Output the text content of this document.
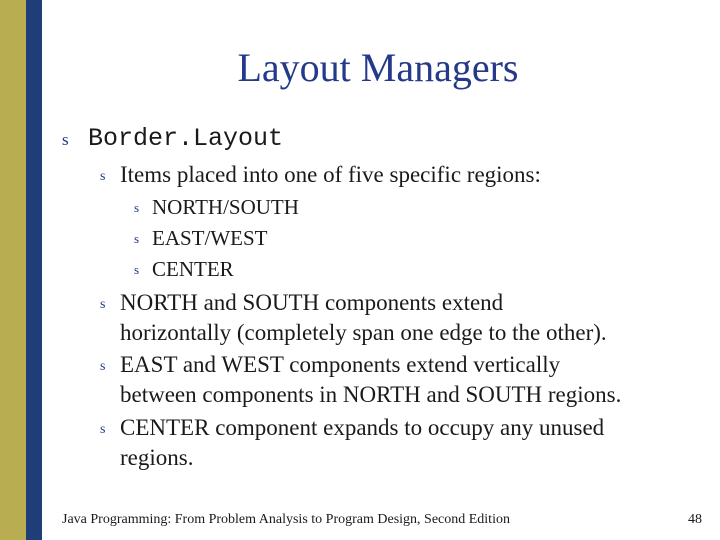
Layout Managers
s Border.Layout
s Items placed into one of five specific regions:
s NORTH/SOUTH
s EAST/WEST
s CENTER
s NORTH and SOUTH components extend
horizontally (completely span one edge to the other).
s EAST and WEST components extend vertically
between components in NORTH and SOUTH regions.
s CENTER component expands to occupy any unused
regions.
Java Programming: From Problem Analysis to Program Design, Second Edition	48
